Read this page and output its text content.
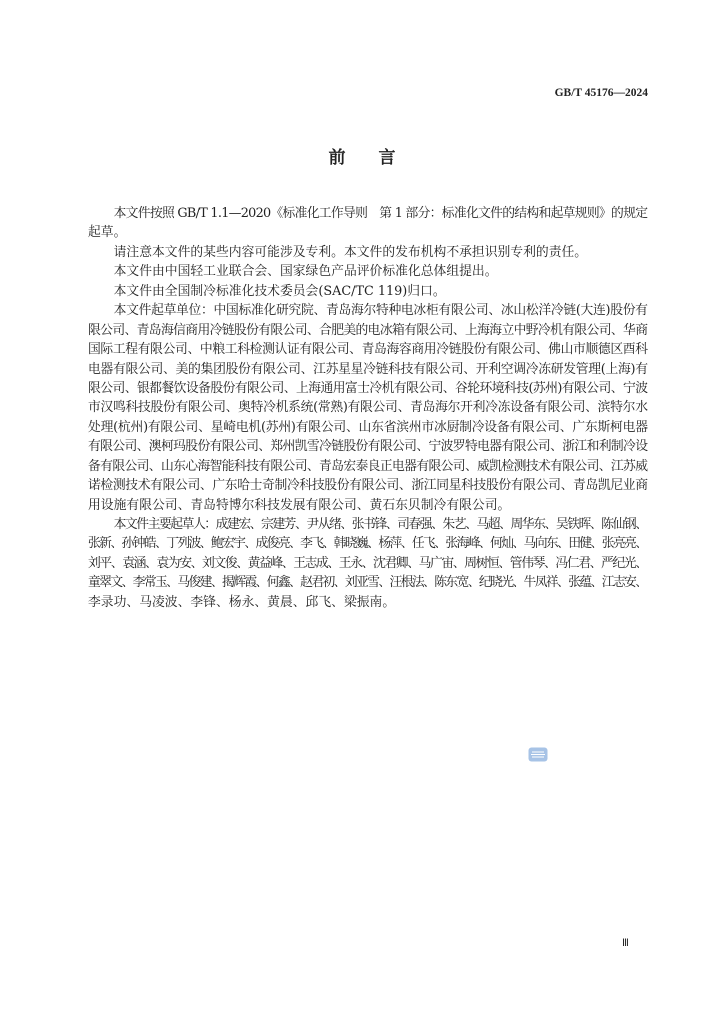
GB/T 45176—2024
前　言
本文件按照 GB/T 1.1—2020《标准化工作导则　第 1 部分：标准化文件的结构和起草规则》的规定
起草。
请注意本文件的某些内容可能涉及专利。本文件的发布机构不承担识别专利的责任。
本文件由中国轻工业联合会、国家绿色产品评价标准化总体组提出。
本文件由全国制冷标准化技术委员会(SAC/TC 119)归口。
本文件起草单位：中国标准化研究院、青岛海尔特种电冰柜有限公司、冰山松洋冷链(大连)股份有
限公司、青岛海信商用冷链股份有限公司、合肥美的电冰箱有限公司、上海海立中野冷机有限公司、华商
国际工程有限公司、中粮工科检测认证有限公司、青岛海容商用冷链股份有限公司、佛山市顺德区酉科
电器有限公司、美的集团股份有限公司、江苏星星冷链科技有限公司、开利空调冷冻研发管理(上海)有
限公司、银都餐饮设备股份有限公司、上海通用富士冷机有限公司、谷轮环境科技(苏州)有限公司、宁波
市汉鸣科技股份有限公司、奥特冷机系统(常熟)有限公司、青岛海尔开利冷冻设备有限公司、滨特尔水
处理(杭州)有限公司、星崎电机(苏州)有限公司、山东省滨州市冰厨制冷设备有限公司、广东斯柯电器
有限公司、澳柯玛股份有限公司、郑州凯雪冷链股份有限公司、宁波罗特电器有限公司、浙江和利制冷设
备有限公司、山东心海智能科技有限公司、青岛宏泰良正电器有限公司、威凯检测技术有限公司、江苏威
诺检测技术有限公司、广东哈士奇制冷科技股份有限公司、浙江同星科技股份有限公司、青岛凯尼业商
用设施有限公司、青岛特博尔科技发展有限公司、黄石东贝制冷有限公司。
本文件主要起草人：成建宏、宗建芳、尹从绪、张书锋、司春强、朱艺、马超、周华东、吴铁晖、陈仙钢、
张新、孙钟皓、丁列波、鲍宏宇、成俊亮、李飞、韩晓巍、杨萍、任飞、张海峰、何灿、马向东、田健、张亮亮、
刘平、袁涵、袁为安、刘文俊、黄益峰、王志成、王永、沈君卿、马广宙、周树恒、管伟琴、冯仁君、严纪光、
童翠文、李常玉、马俊建、揭辉霞、何鑫、赵君初、刘亚雪、汪根法、陈东宽、纪晓光、牛凤祥、张蕴、江志安、
李录功、马凌波、李锋、杨永、黄晨、邱飞、梁振南。
Ⅲ
